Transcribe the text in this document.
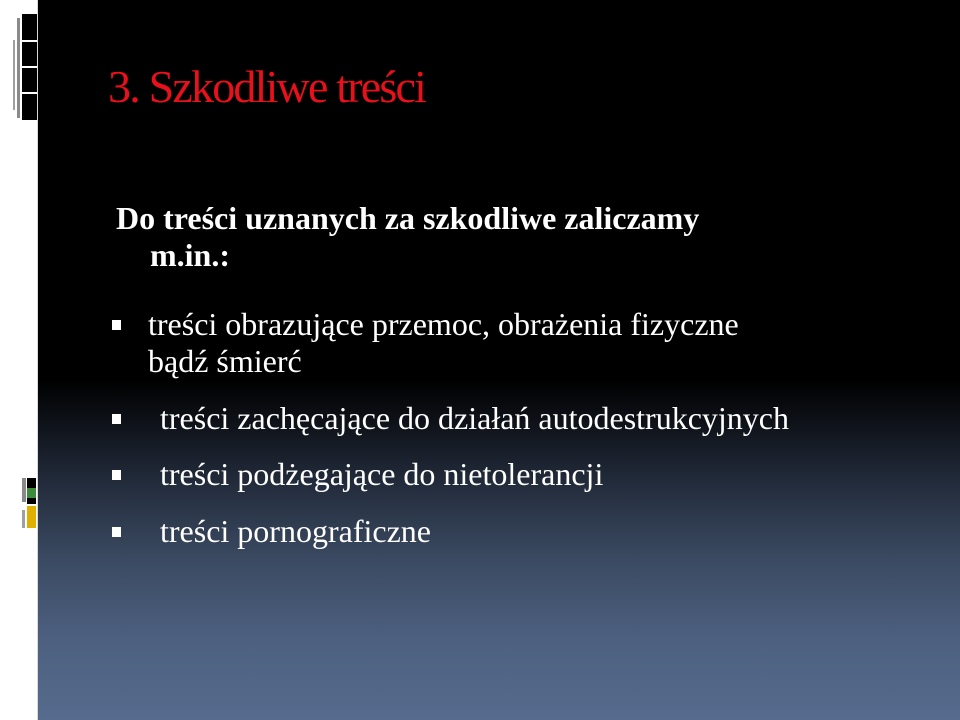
3. Szkodliwe treści
Do treści uznanych za szkodliwe zaliczamy
m.in.:
treści obrazujące przemoc, obrażenia fizyczne
bądź śmierć
treści zachęcające do działań autodestrukcyjnych
treści podżegające do nietolerancji
treści pornograficzne
